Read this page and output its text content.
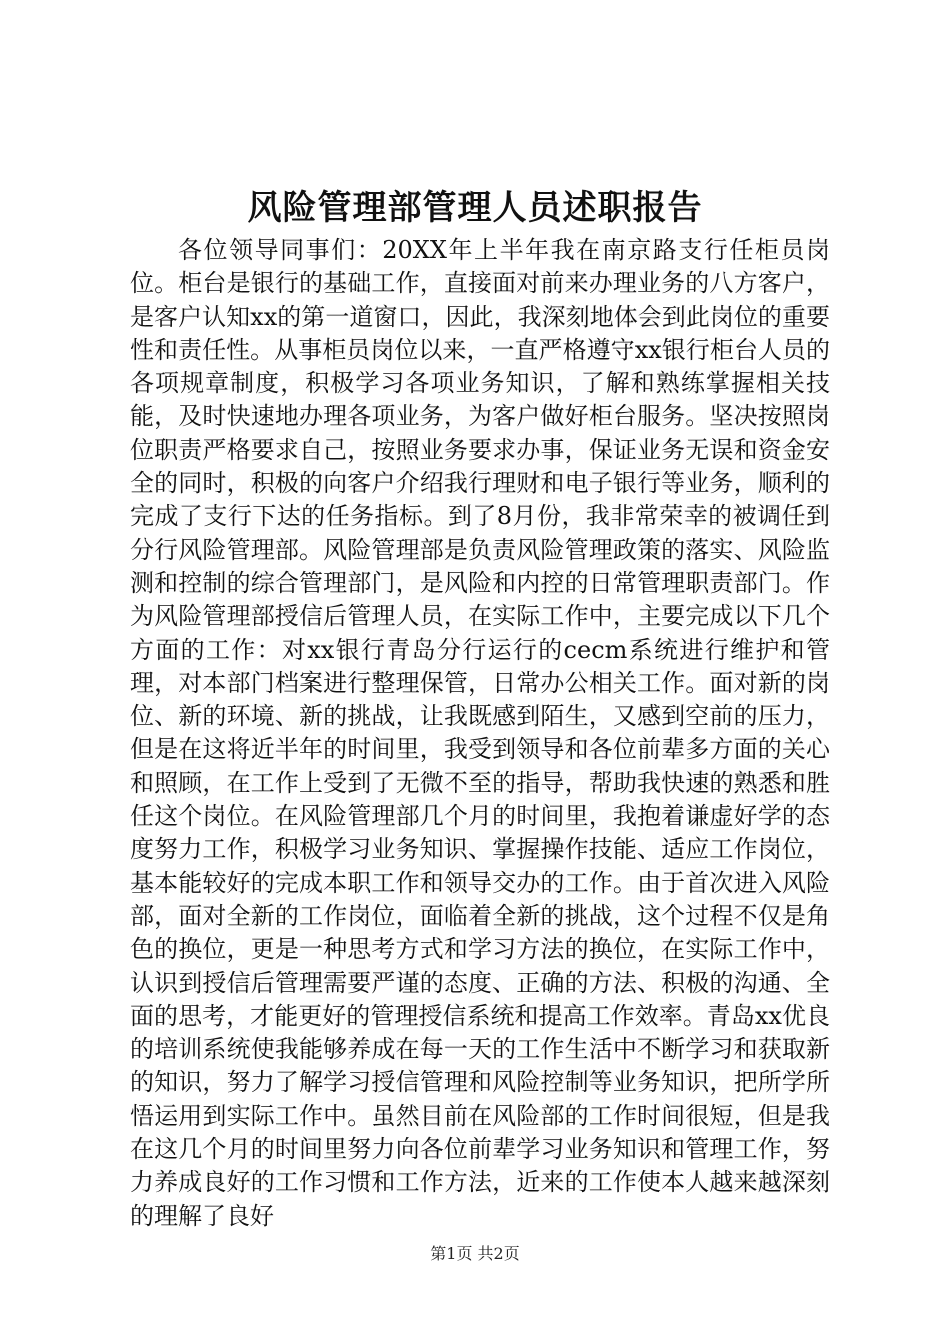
风险管理部管理人员述职报告

各位领导同事们：20XX年上半年我在南京路支行任柜员岗位。柜台是银行的基础工作，直接面对前来办理业务的八方客户，是客户认知xx的第一道窗口，因此，我深刻地体会到此岗位的重要性和责任性。从事柜员岗位以来，一直严格遵守xx银行柜台人员的各项规章制度，积极学习各项业务知识，了解和熟练掌握相关技能，及时快速地办理各项业务，为客户做好柜台服务。坚决按照岗位职责严格要求自己，按照业务要求办事，保证业务无误和资金安全的同时，积极的向客户介绍我行理财和电子银行等业务，顺利的完成了支行下达的任务指标。到了8月份，我非常荣幸的被调任到分行风险管理部。风险管理部是负责风险管理政策的落实、风险监测和控制的综合管理部门，是风险和内控的日常管理职责部门。作为风险管理部授信后管理人员，在实际工作中，主要完成以下几个方面的工作：对xx银行青岛分行运行的cecm系统进行维护和管理，对本部门档案进行整理保管，日常办公相关工作。面对新的岗位、新的环境、新的挑战，让我既感到陌生，又感到空前的压力，但是在这将近半年的时间里，我受到领导和各位前辈多方面的关心和照顾，在工作上受到了无微不至的指导，帮助我快速的熟悉和胜任这个岗位。在风险管理部几个月的时间里，我抱着谦虚好学的态度努力工作，积极学习业务知识、掌握操作技能、适应工作岗位，基本能较好的完成本职工作和领导交办的工作。由于首次进入风险部，面对全新的工作岗位，面临着全新的挑战，这个过程不仅是角色的换位，更是一种思考方式和学习方法的换位，在实际工作中，认识到授信后管理需要严谨的态度、正确的方法、积极的沟通、全面的思考，才能更好的管理授信系统和提高工作效率。青岛xx优良的培训系统使我能够养成在每一天的工作生活中不断学习和获取新的知识，努力了解学习授信管理和风险控制等业务知识，把所学所悟运用到实际工作中。虽然目前在风险部的工作时间很短，但是我在这几个月的时间里努力向各位前辈学习业务知识和管理工作，努力养成良好的工作习惯和工作方法，近来的工作使本人越来越深刻的理解了良好

第1页 共2页
